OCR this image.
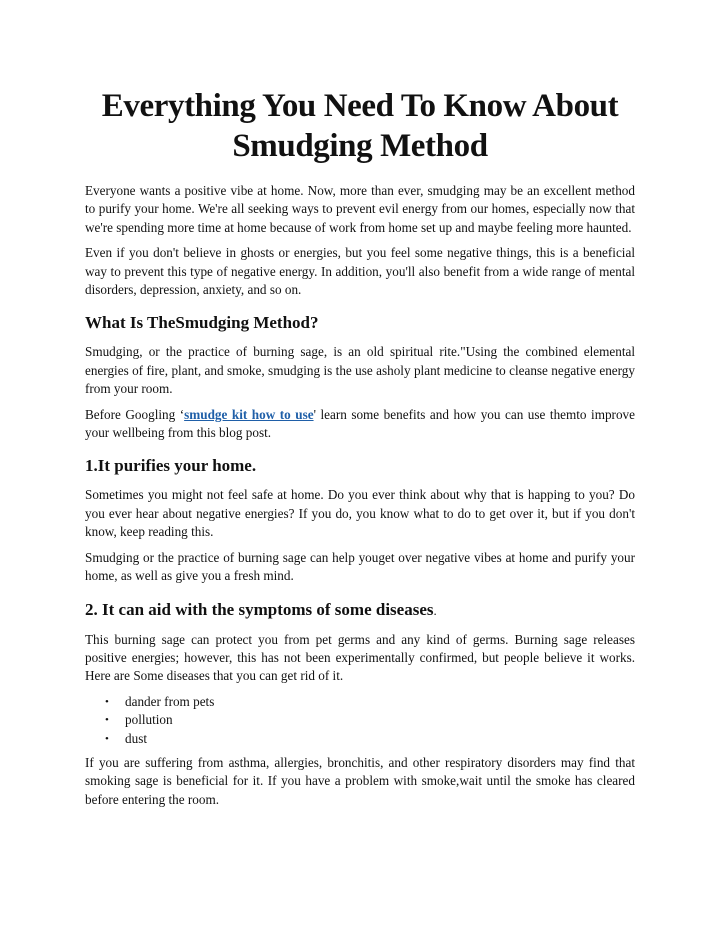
Everything You Need To Know About
Smudging Method

Everyone wants a positive vibe at home. Now, more than ever, smudging may be an excellent method to purify your home. We're all seeking ways to prevent evil energy from our homes, especially now that we're spending more time at home because of work from home set up and maybe feeling more haunted.

Even if you don't believe in ghosts or energies, but you feel some negative things, this is a beneficial way to prevent this type of negative energy. In addition, you'll also benefit from a wide range of mental disorders, depression, anxiety, and so on.

What Is TheSmudging Method?

Smudging, or the practice of burning sage, is an old spiritual rite."Using the combined elemental energies of fire, plant, and smoke, smudging is the use asholy plant medicine to cleanse negative energy from your room.

Before Googling ‘smudge kit how to use' learn some benefits and how you can use themto improve your wellbeing from this blog post.

1.It purifies your home.

Sometimes you might not feel safe at home. Do you ever think about why that is happing to you? Do you ever hear about negative energies? If you do, you know what to do to get over it, but if you don't know, keep reading this.

Smudging or the practice of burning sage can help youget over negative vibes at home and purify your home, as well as give you a fresh mind.

2. It can aid with the symptoms of some diseases.

This burning sage can protect you from pet germs and any kind of germs. Burning sage releases positive energies; however, this has not been experimentally confirmed, but people believe it works. Here are Some diseases that you can get rid of it.

• dander from pets
• pollution
• dust

If you are suffering from asthma, allergies, bronchitis, and other respiratory disorders may find that smoking sage is beneficial for it. If you have a problem with smoke,wait until the smoke has cleared before entering the room.
